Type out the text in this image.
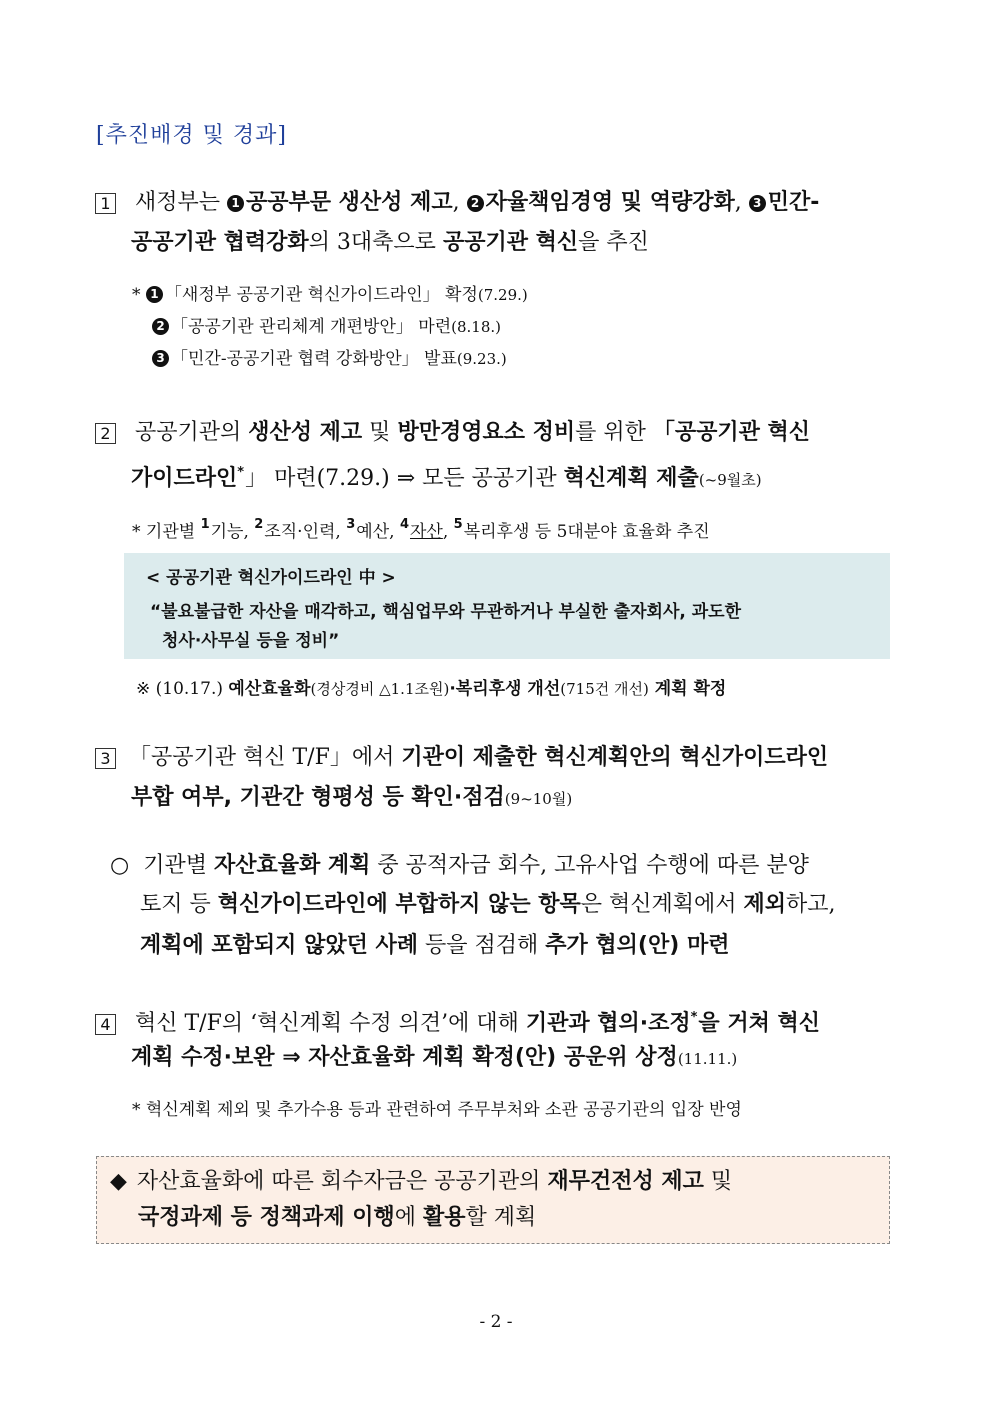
[추진배경 및 경과]
1 새정부는 1 공공부문 생산성 제고, 2 자율책임경영 및 역량강화, 3 민간-
공공기관 협력강화의 3대축으로 공공기관 혁신을 추진
* 1 「새정부 공공기관 혁신가이드라인」 확정(7.29.)
2 「공공기관 관리체계 개편방안」 마련(8.18.)
3 「민간-공공기관 협력 강화방안」 발표(9.23.)
2 공공기관의 생산성 제고 및 방만경영요소 정비를 위한 「공공기관 혁신
가이드라인*」 마련(7.29.) ⇒ 모든 공공기관 혁신계획 제출(~9월초)
* 기관별 $^1$기능, $^2$조직·인력, $^3$예산, $^4$자산, $^5$복리후생 등 5대분야 효율화 추진
< 공공기관 혁신가이드라인 中 >
“불요불급한 자산을 매각하고, 핵심업무와 무관하거나 부실한 출자회사, 과도한
청사·사무실 등을 정비”
※ (10.17.) 예산효율화(경상경비 △1.1조원)·복리후생 개선(715건 개선) 계획 확정
3 「공공기관 혁신 T/F」에서 기관이 제출한 혁신계획안의 혁신가이드라인
부합 여부, 기관간 형평성 등 확인·점검(9~10월)
○ 기관별 자산효율화 계획 중 공적자금 회수, 고유사업 수행에 따른 분양
토지 등 혁신가이드라인에 부합하지 않는 항목은 혁신계획에서 제외하고,
계획에 포함되지 않았던 사례 등을 점검해 추가 협의(안) 마련
4 혁신 T/F의 ‘혁신계획 수정 의견’에 대해 기관과 협의·조정*을 거쳐 혁신
계획 수정·보완 ⇒ 자산효율화 계획 확정(안) 공운위 상정(11.11.)
* 혁신계획 제외 및 추가수용 등과 관련하여 주무부처와 소관 공공기관의 입장 반영
◆ 자산효율화에 따른 회수자금은 공공기관의 재무건전성 제고 및
국정과제 등 정책과제 이행에 활용할 계획
- 2 -
